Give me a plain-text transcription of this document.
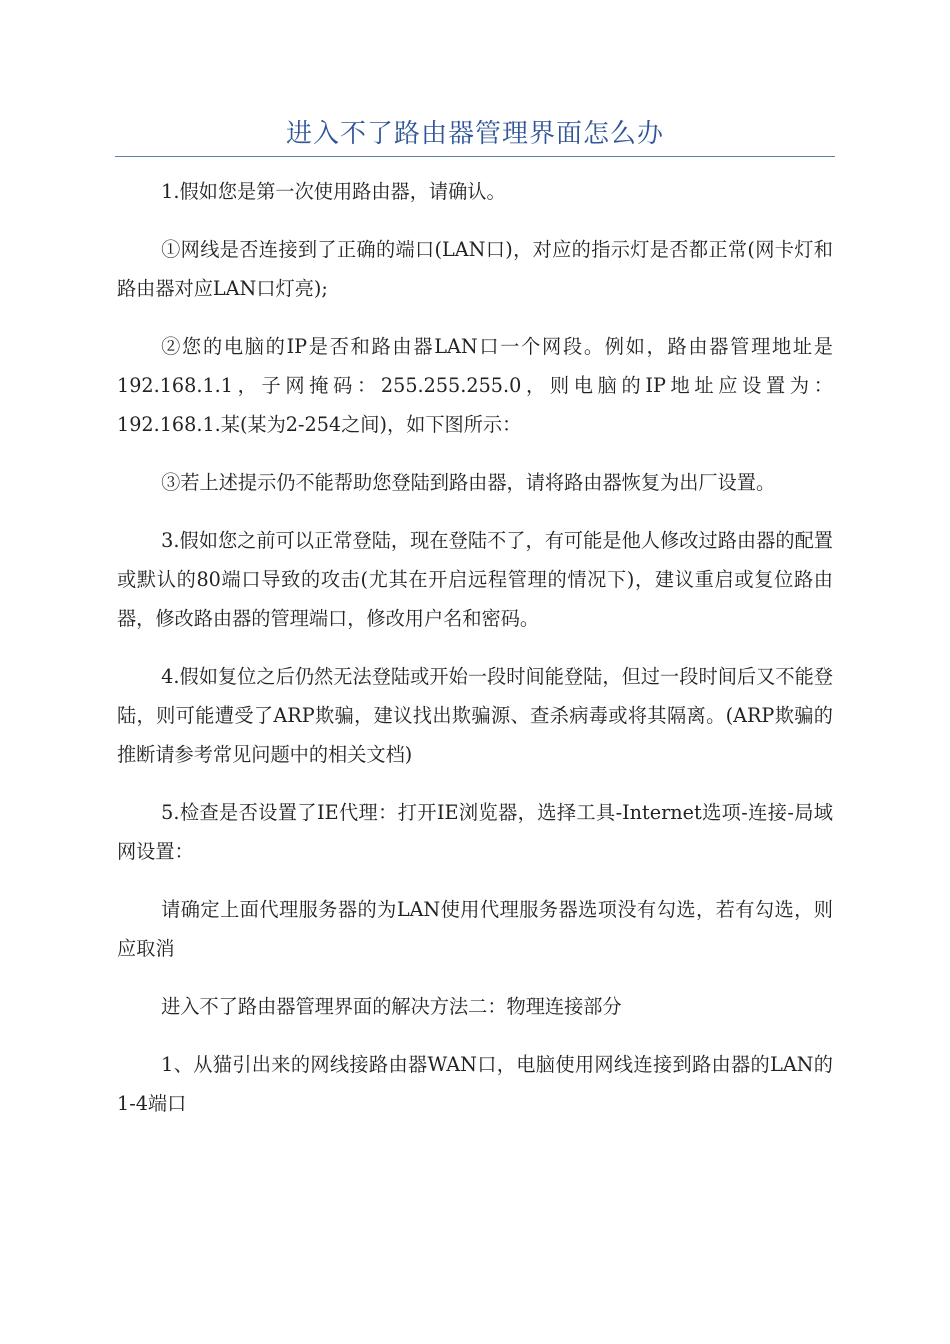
进入不了路由器管理界面怎么办

1.假如您是第一次使用路由器，请确认。

①网线是否连接到了正确的端口(LAN口)，对应的指示灯是否都正常(网卡灯和路由器对应LAN口灯亮);

②您的电脑的IP是否和路由器LAN口一个网段。例如，路由器管理地址是192.168.1.1，子网掩码：255.255.255.0，则电脑的IP地址应设置为：192.168.1.某(某为2-254之间)，如下图所示：

③若上述提示仍不能帮助您登陆到路由器，请将路由器恢复为出厂设置。

3.假如您之前可以正常登陆，现在登陆不了，有可能是他人修改过路由器的配置或默认的80端口导致的攻击(尤其在开启远程管理的情况下)，建议重启或复位路由器，修改路由器的管理端口，修改用户名和密码。

4.假如复位之后仍然无法登陆或开始一段时间能登陆，但过一段时间后又不能登陆，则可能遭受了ARP欺骗，建议找出欺骗源、查杀病毒或将其隔离。(ARP欺骗的推断请参考常见问题中的相关文档)

5.检查是否设置了IE代理：打开IE浏览器，选择工具-Internet选项-连接-局域网设置：

请确定上面代理服务器的为LAN使用代理服务器选项没有勾选，若有勾选，则应取消

进入不了路由器管理界面的解决方法二：物理连接部分

1、从猫引出来的网线接路由器WAN口，电脑使用网线连接到路由器的LAN的1-4端口
